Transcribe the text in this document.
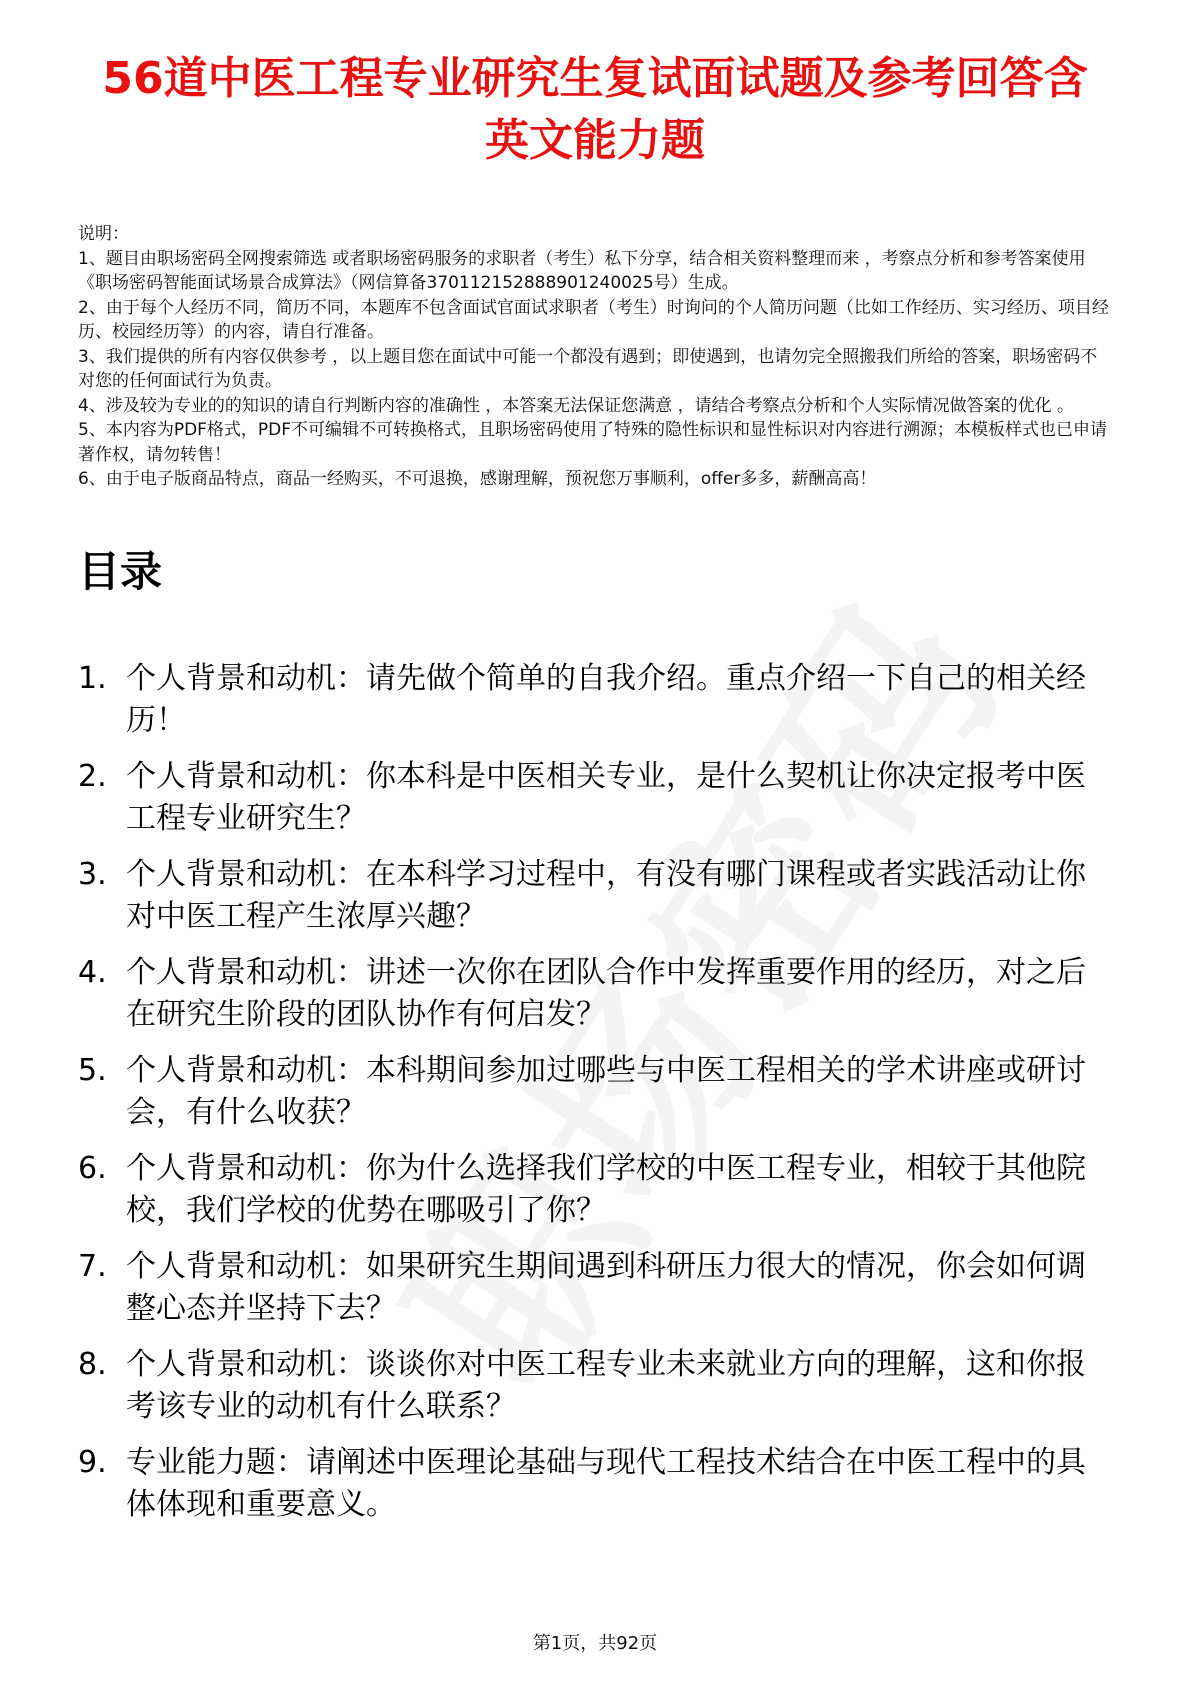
56道中医工程专业研究生复试面试题及参考回答含英文能力题
说明：
1、题目由职场密码全网搜索筛选 或者职场密码服务的求职者（考生）私下分享，结合相关资料整理而来 ，考察点分析和参考答案使用《职场密码智能面试场景合成算法》（网信算备370112152888901240025号）生成。
2、由于每个人经历不同，简历不同，本题库不包含面试官面试求职者（考生）时询问的个人简历问题（比如工作经历、实习经历、项目经历、校园经历等）的内容，请自行准备。
3、我们提供的所有内容仅供参考 ，以上题目您在面试中可能一个都没有遇到；即使遇到，也请勿完全照搬我们所给的答案，职场密码不对您的任何面试行为负责。
4、涉及较为专业的的知识的请自行判断内容的准确性 ，本答案无法保证您满意 ，请结合考察点分析和个人实际情况做答案的优化 。
5、本内容为PDF格式，PDF不可编辑不可转换格式，且职场密码使用了特殊的隐性标识和显性标识对内容进行溯源；本模板样式也已申请著作权，请勿转售！
6、由于电子版商品特点，商品一经购买，不可退换，感谢理解，预祝您万事顺利，offer多多，薪酬高高！
目录
1. 个人背景和动机：请先做个简单的自我介绍。重点介绍一下自己的相关经历！
2. 个人背景和动机：你本科是中医相关专业，是什么契机让你决定报考中医工程专业研究生？
3. 个人背景和动机：在本科学习过程中，有没有哪门课程或者实践活动让你对中医工程产生浓厚兴趣？
4. 个人背景和动机：讲述一次你在团队合作中发挥重要作用的经历，对之后在研究生阶段的团队协作有何启发？
5. 个人背景和动机：本科期间参加过哪些与中医工程相关的学术讲座或研讨会，有什么收获？
6. 个人背景和动机：你为什么选择我们学校的中医工程专业，相较于其他院校，我们学校的优势在哪吸引了你？
7. 个人背景和动机：如果研究生期间遇到科研压力很大的情况，你会如何调整心态并坚持下去？
8. 个人背景和动机：谈谈你对中医工程专业未来就业方向的理解，这和你报考该专业的动机有什么联系？
9. 专业能力题：请阐述中医理论基础与现代工程技术结合在中医工程中的具体体现和重要意义。
第1页，共92页
